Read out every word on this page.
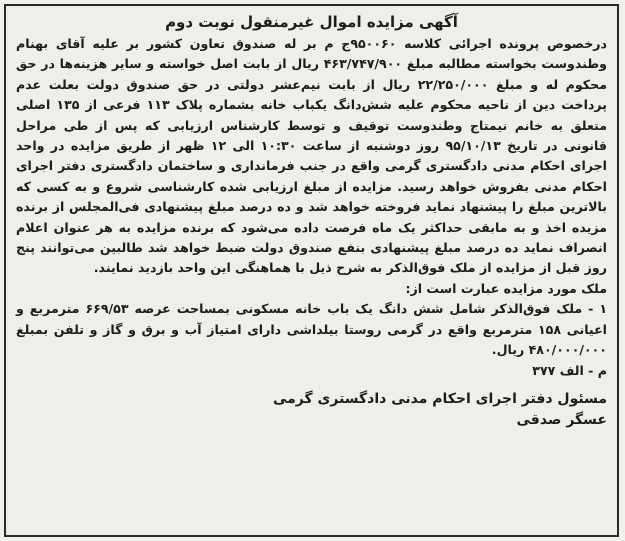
آگهی مزایده اموال غیرمنقول نوبت دوم

درخصوص پرونده اجرائی کلاسه ۹۵۰۰۶۰ج م بر له صندوق تعاون کشور بر علیه آقای بهنام وطندوست بخواسته مطالبه مبلغ ۴۶۳/۷۴۷/۹۰۰ ریال از بابت اصل خواسته و سایر هزینه‌ها در حق محکوم له و مبلغ ۲۲/۲۵۰/۰۰۰ ریال از بابت نیم‌عشر دولتی در حق صندوق دولت بعلت عدم پرداخت دین از ناحیه محکوم علیه شش‌دانگ یکباب خانه بشماره پلاک ۱۱۳ فرعی از ۱۳۵ اصلی متعلق به خانم نیمتاج وطندوست توقیف و توسط کارشناس ارزیابی که پس از طی مراحل قانونی در تاریخ ۹۵/۱۰/۱۳ روز دوشنبه از ساعت ۱۰:۳۰ الی ۱۲ ظهر از طریق مزایده در واحد اجرای احکام مدنی دادگستری گرمی واقع در جنب فرمانداری و ساختمان دادگستری دفتر اجرای احکام مدنی بفروش خواهد رسید. مزایده از مبلغ ارزیابی شده کارشناسی شروع و به کسی که بالاترین مبلغ را پیشنهاد نماید فروخته خواهد شد و ده درصد مبلغ پیشنهادی فی‌المجلس از برنده مزیده اخذ و به مابقی حداکثر یک ماه فرصت داده می‌شود که برنده مزایده به هر عنوان اعلام انصراف نماید ده درصد مبلغ پیشنهادی بنفع صندوق دولت ضبط خواهد شد طالبین می‌توانند پنج روز قبل از مزایده از ملک فوق‌الذکر به شرح ذیل با هماهنگی این واحد بازدید نمایند.

ملک مورد مزایده عبارت است از:
۱ - ملک فوق‌الذکر شامل شش دانگ یک باب خانه مسکونی بمساحت عرصه ۶۶۹/۵۳ مترمربع و اعیانی ۱۵۸ مترمربع واقع در گرمی روستا بیلداشی دارای امتیاز آب و برق و گاز و تلفن بمبلغ ۴۸۰/۰۰۰/۰۰۰ ریال.
م - الف ۳۷۷
مسئول دفتر اجرای احکام مدنی دادگستری گرمی
عسگر صدقی
